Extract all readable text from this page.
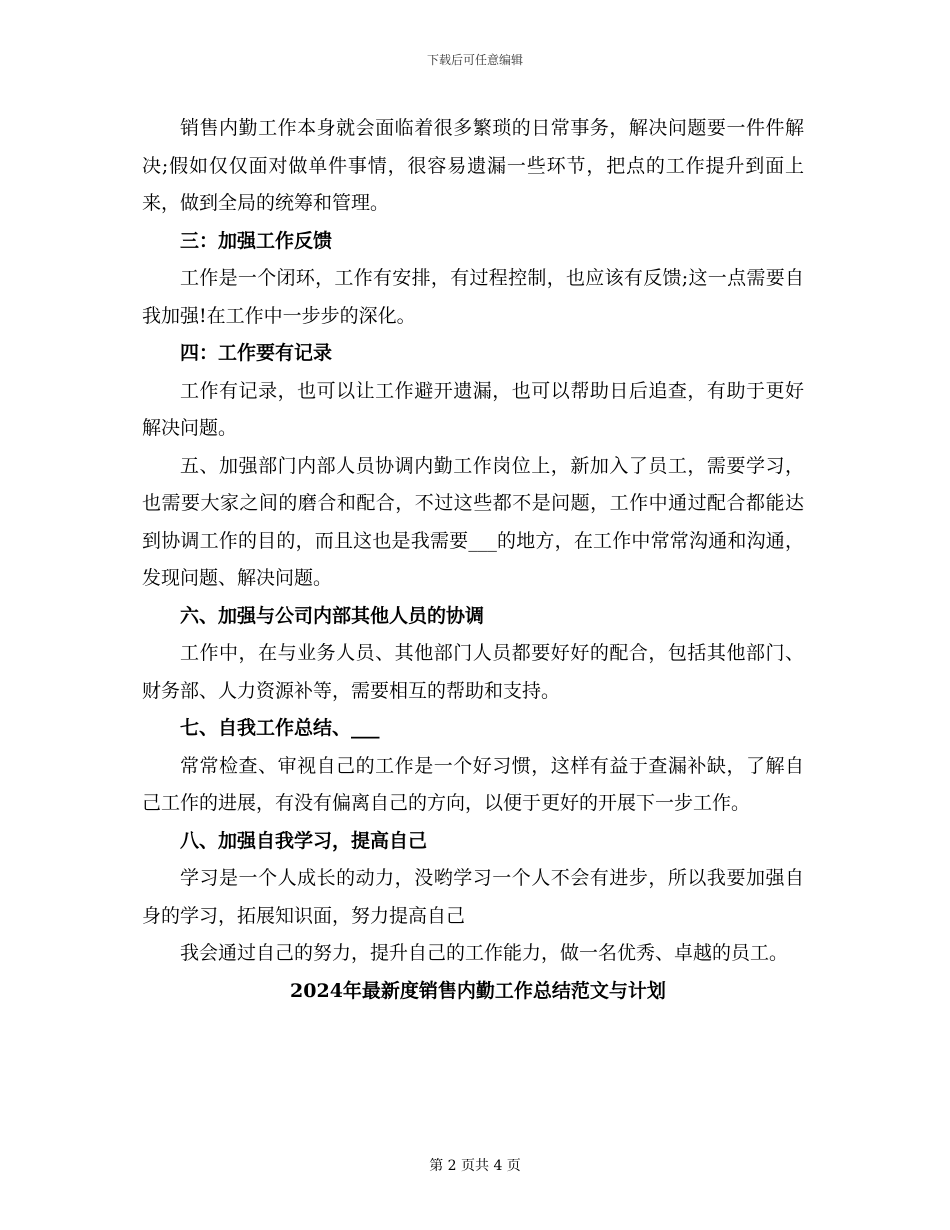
下载后可任意编辑

销售内勤工作本身就会面临着很多繁琐的日常事务，解决问题要一件件解决;假如仅仅面对做单件事情，很容易遗漏一些环节，把点的工作提升到面上来，做到全局的统筹和管理。

三：加强工作反馈

工作是一个闭环，工作有安排，有过程控制，也应该有反馈;这一点需要自我加强!在工作中一步步的深化。

四：工作要有记录

工作有记录，也可以让工作避开遗漏，也可以帮助日后追查，有助于更好解决问题。

五、加强部门内部人员协调内勤工作岗位上，新加入了员工，需要学习，也需要大家之间的磨合和配合，不过这些都不是问题，工作中通过配合都能达到协调工作的目的，而且这也是我需要___的地方，在工作中常常沟通和沟通，发现问题、解决问题。

六、加强与公司内部其他人员的协调

工作中，在与业务人员、其他部门人员都要好好的配合，包括其他部门、财务部、人力资源补等，需要相互的帮助和支持。

七、自我工作总结、___

常常检查、审视自己的工作是一个好习惯，这样有益于查漏补缺，了解自己工作的进展，有没有偏离自己的方向，以便于更好的开展下一步工作。

八、加强自我学习，提高自己

学习是一个人成长的动力，没哟学习一个人不会有进步，所以我要加强自身的学习，拓展知识面，努力提高自己

我会通过自己的努力，提升自己的工作能力，做一名优秀、卓越的员工。

2024年最新度销售内勤工作总结范文与计划

第 2 页共 4 页
